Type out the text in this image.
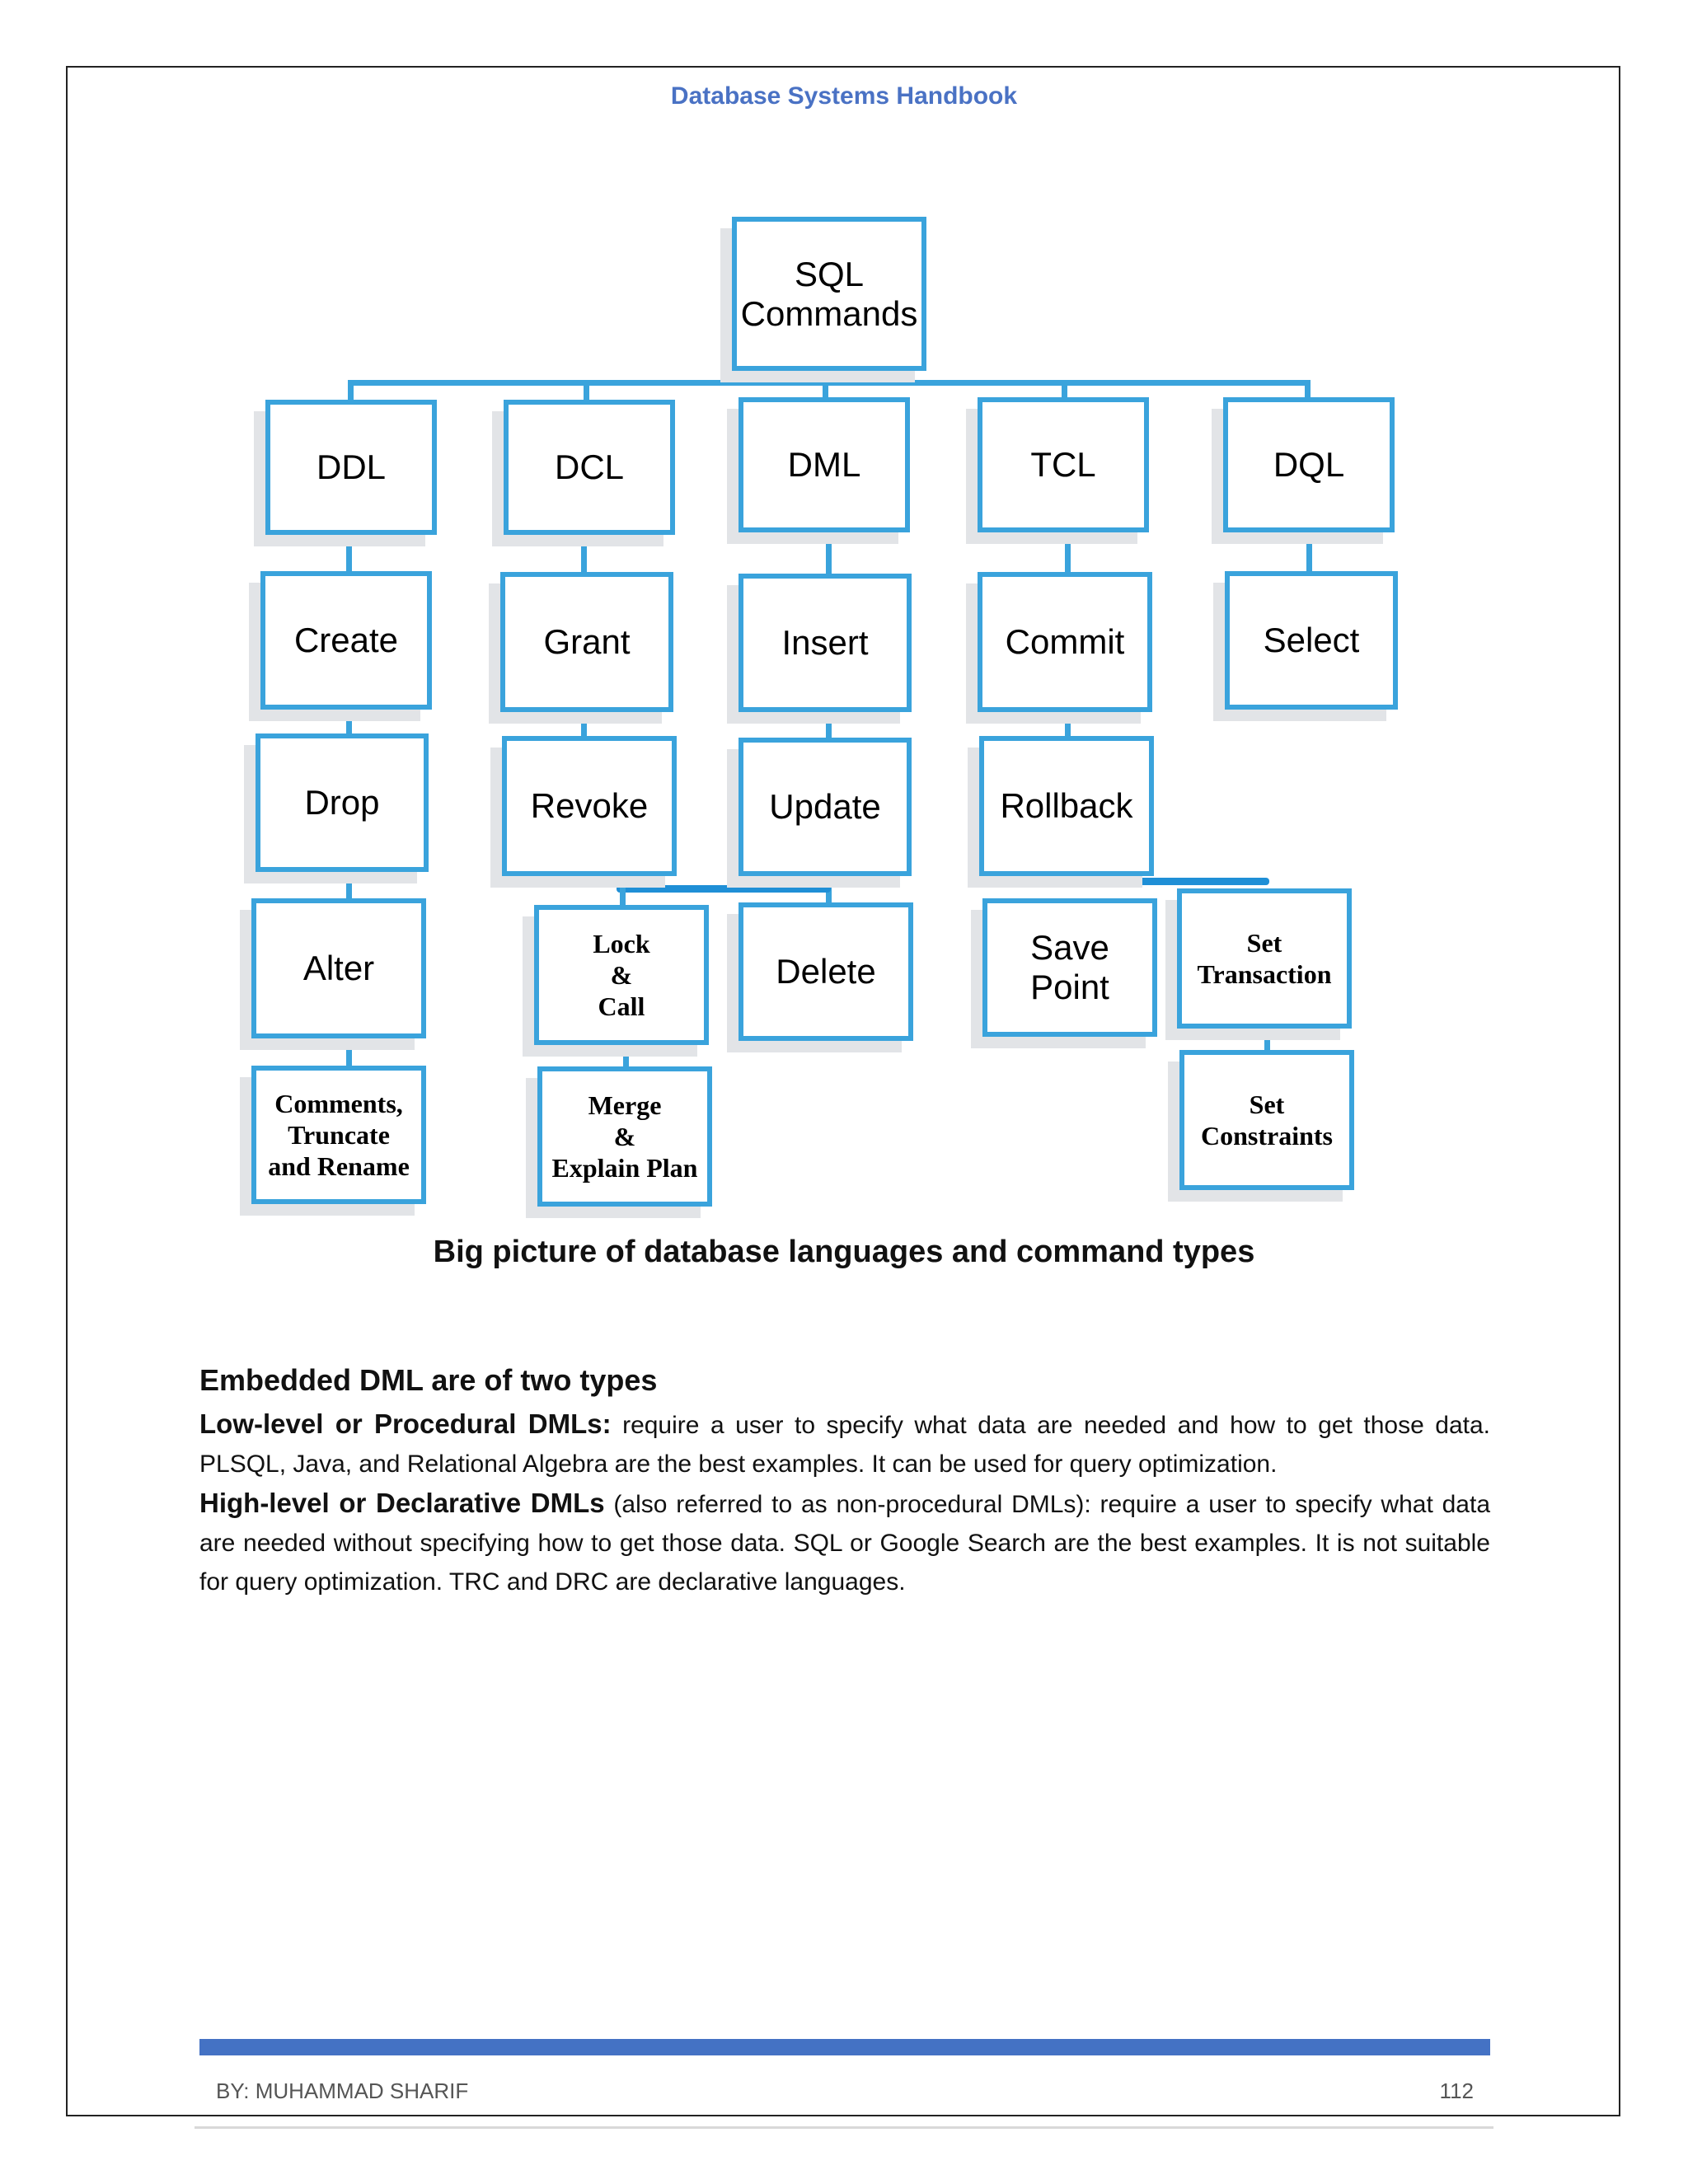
Database Systems Handbook
SQL
Commands
DDL	DCL	DML	TCL	DQL
Create
Drop
Alter
Comments,
Truncate
and Rename
Grant
Revoke
Lock
&
Call
Merge
&
Explain Plan
Insert
Update
Delete
Commit
Rollback
Save
Point
Set
Transaction
Set
Constraints
Select
Big picture of database languages and command types
Embedded DML are of two types

Low-level or Procedural DMLs: require a user to specify what data are needed and how to get those data. PLSQL, Java, and Relational Algebra are the best examples. It can be used for query optimization.

High-level or Declarative DMLs (also referred to as non-procedural DMLs): require a user to specify what data are needed without specifying how to get those data. SQL or Google Search are the best examples. It is not suitable for query optimization. TRC and DRC are declarative languages.

BY: MUHAMMAD SHARIF	112
